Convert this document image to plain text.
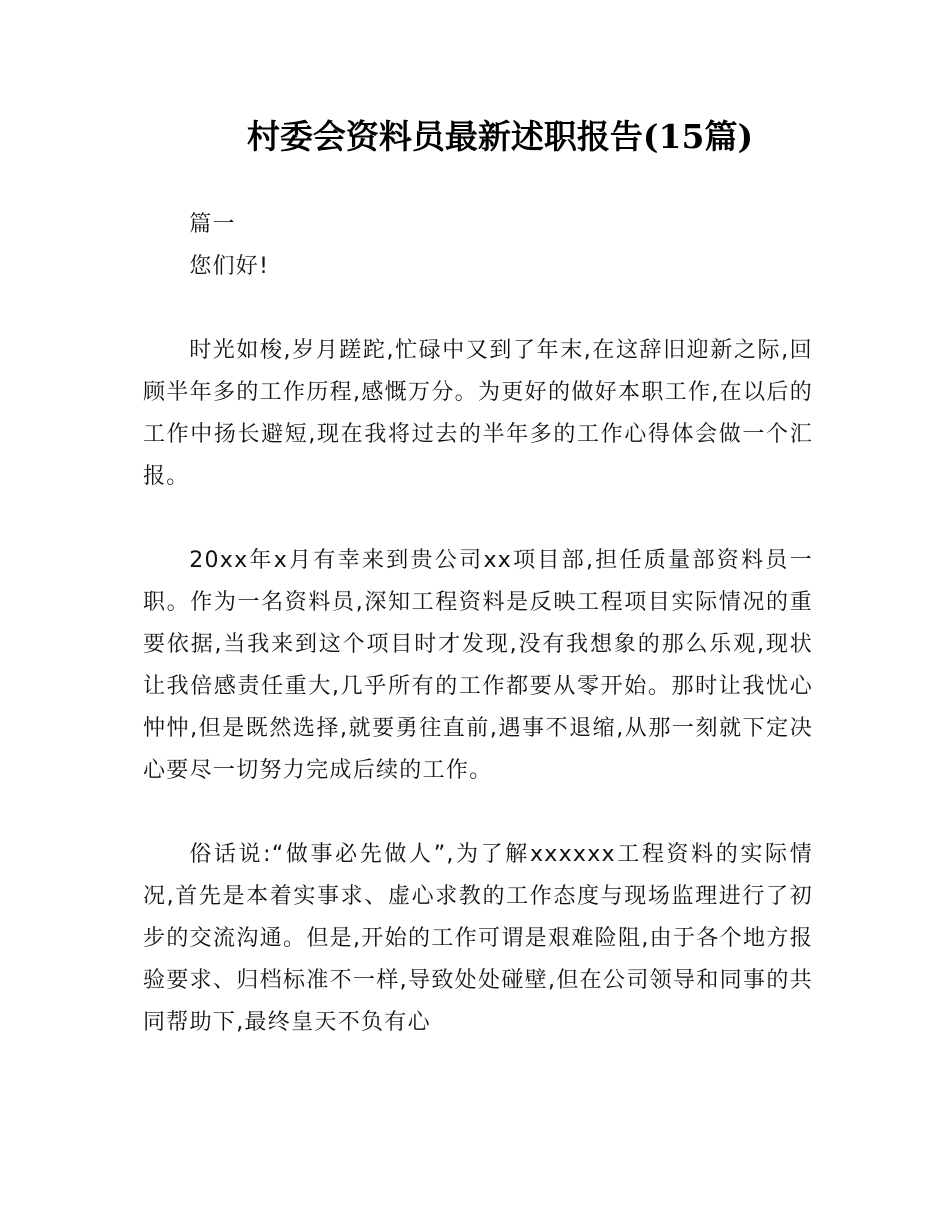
村委会资料员最新述职报告(15篇)

篇一

您们好!

时光如梭,岁月蹉跎,忙碌中又到了年末,在这辞旧迎新之际,回顾半年多的工作历程,感慨万分。为更好的做好本职工作,在以后的工作中扬长避短,现在我将过去的半年多的工作心得体会做一个汇报。

20xx年x月有幸来到贵公司xx项目部,担任质量部资料员一职。作为一名资料员,深知工程资料是反映工程项目实际情况的重要依据,当我来到这个项目时才发现,没有我想象的那么乐观,现状让我倍感责任重大,几乎所有的工作都要从零开始。那时让我忧心忡忡,但是既然选择,就要勇往直前,遇事不退缩,从那一刻就下定决心要尽一切努力完成后续的工作。

俗话说:“做事必先做人”,为了解xxxxxx工程资料的实际情况,首先是本着实事求、虚心求教的工作态度与现场监理进行了初步的交流沟通。但是,开始的工作可谓是艰难险阻,由于各个地方报验要求、归档标准不一样,导致处处碰壁,但在公司领导和同事的共同帮助下,最终皇天不负有心
